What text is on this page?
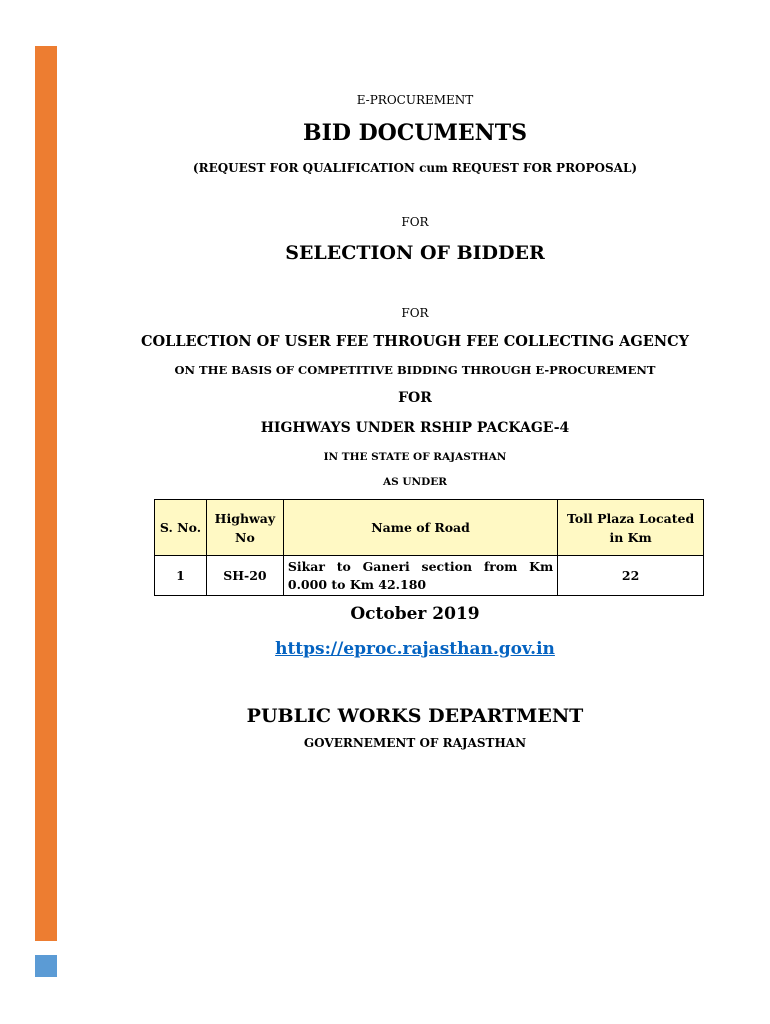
E-PROCUREMENT
BID DOCUMENTS
(REQUEST FOR QUALIFICATION cum REQUEST FOR PROPOSAL)
FOR
SELECTION OF BIDDER
FOR
COLLECTION OF USER FEE THROUGH FEE COLLECTING AGENCY
ON THE BASIS OF COMPETITIVE BIDDING THROUGH E-PROCUREMENT
FOR
HIGHWAYS UNDER RSHIP PACKAGE-4
IN THE STATE OF RAJASTHAN
AS UNDER
S. No.	Highway No	Name of Road	Toll Plaza Located in Km
1	SH-20	Sikar to Ganeri section from Km 0.000 to Km 42.180	22
October 2019
https://eproc.rajasthan.gov.in
PUBLIC WORKS DEPARTMENT
GOVERNEMENT OF RAJASTHAN
